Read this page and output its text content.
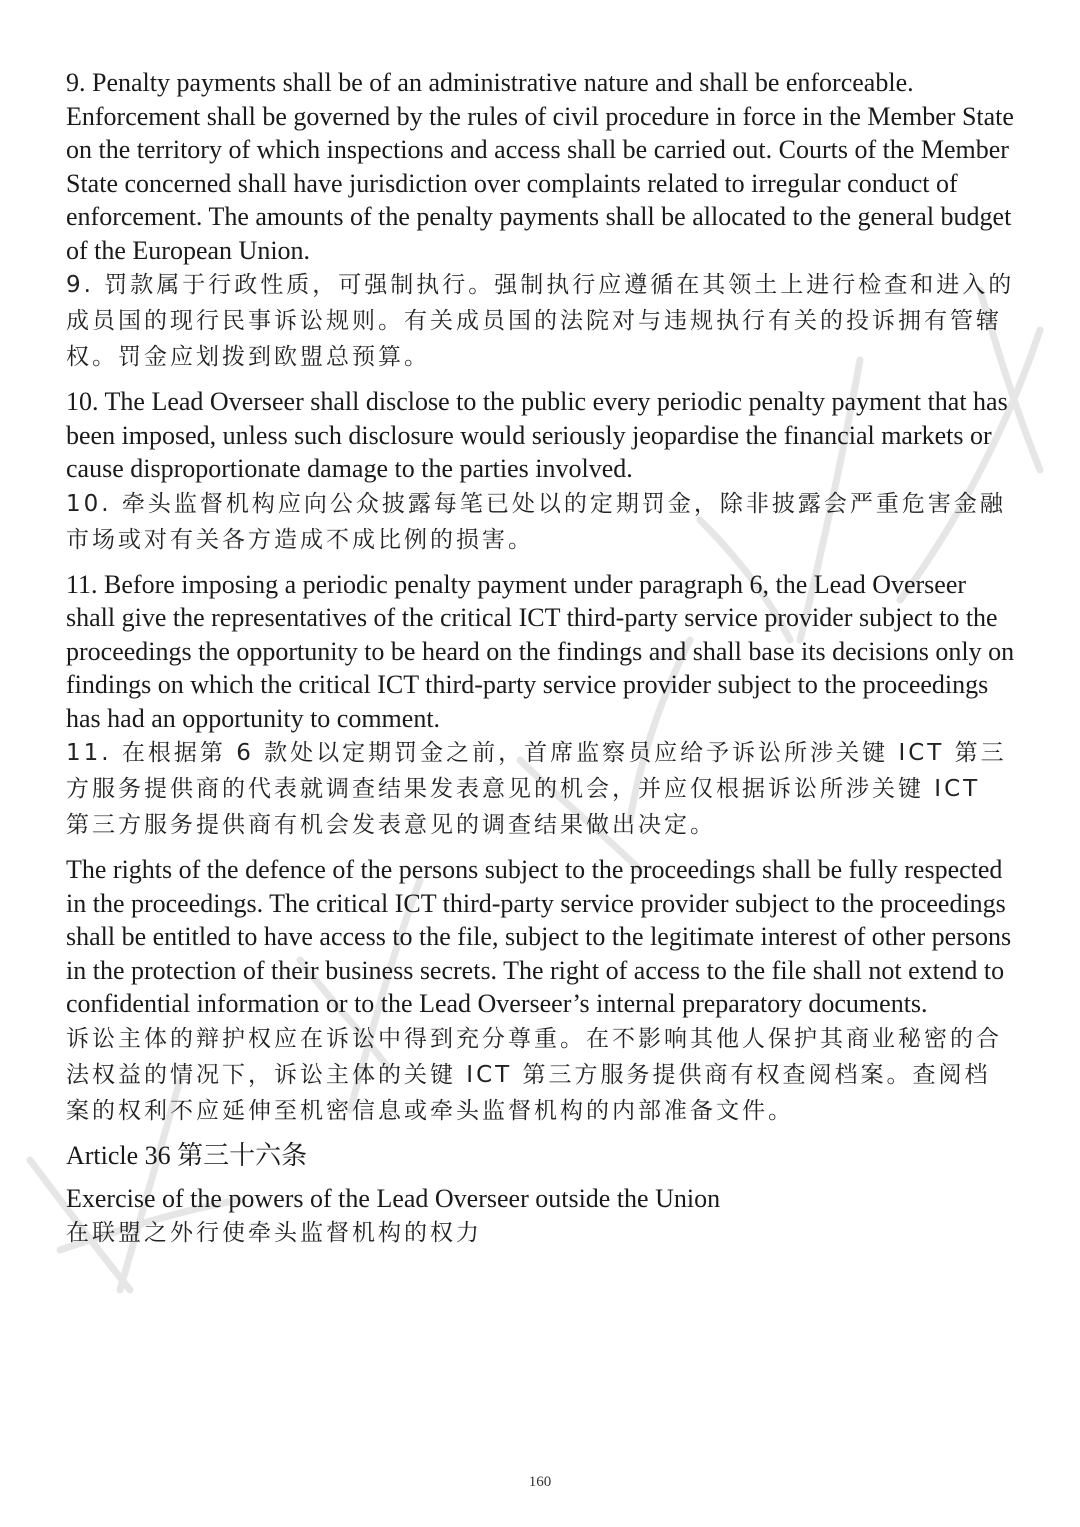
9. Penalty payments shall be of an administrative nature and shall be enforceable. Enforcement shall be governed by the rules of civil procedure in force in the Member State on the territory of which inspections and access shall be carried out. Courts of the Member State concerned shall have jurisdiction over complaints related to irregular conduct of enforcement. The amounts of the penalty payments shall be allocated to the general budget of the European Union.

9. 罚款属于行政性质，可强制执行。强制执行应遵循在其领土上进行检查和进入的成员国的现行民事诉讼规则。有关成员国的法院对与违规执行有关的投诉拥有管辖权。罚金应划拨到欧盟总预算。

10. The Lead Overseer shall disclose to the public every periodic penalty payment that has been imposed, unless such disclosure would seriously jeopardise the financial markets or cause disproportionate damage to the parties involved.

10. 牵头监督机构应向公众披露每笔已处以的定期罚金，除非披露会严重危害金融市场或对有关各方造成不成比例的损害。

11. Before imposing a periodic penalty payment under paragraph 6, the Lead Overseer shall give the representatives of the critical ICT third-party service provider subject to the proceedings the opportunity to be heard on the findings and shall base its decisions only on findings on which the critical ICT third-party service provider subject to the proceedings has had an opportunity to comment.

11. 在根据第 6 款处以定期罚金之前，首席监察员应给予诉讼所涉关键 ICT 第三方服务提供商的代表就调查结果发表意见的机会，并应仅根据诉讼所涉关键 ICT 第三方服务提供商有机会发表意见的调查结果做出决定。

The rights of the defence of the persons subject to the proceedings shall be fully respected in the proceedings. The critical ICT third-party service provider subject to the proceedings shall be entitled to have access to the file, subject to the legitimate interest of other persons in the protection of their business secrets. The right of access to the file shall not extend to confidential information or to the Lead Overseer’s internal preparatory documents.

诉讼主体的辩护权应在诉讼中得到充分尊重。在不影响其他人保护其商业秘密的合法权益的情况下，诉讼主体的关键 ICT 第三方服务提供商有权查阅档案。查阅档案的权利不应延伸至机密信息或牵头监督机构的内部准备文件。

Article 36 第三十六条

Exercise of the powers of the Lead Overseer outside the Union

在联盟之外行使牵头监督机构的权力

160
